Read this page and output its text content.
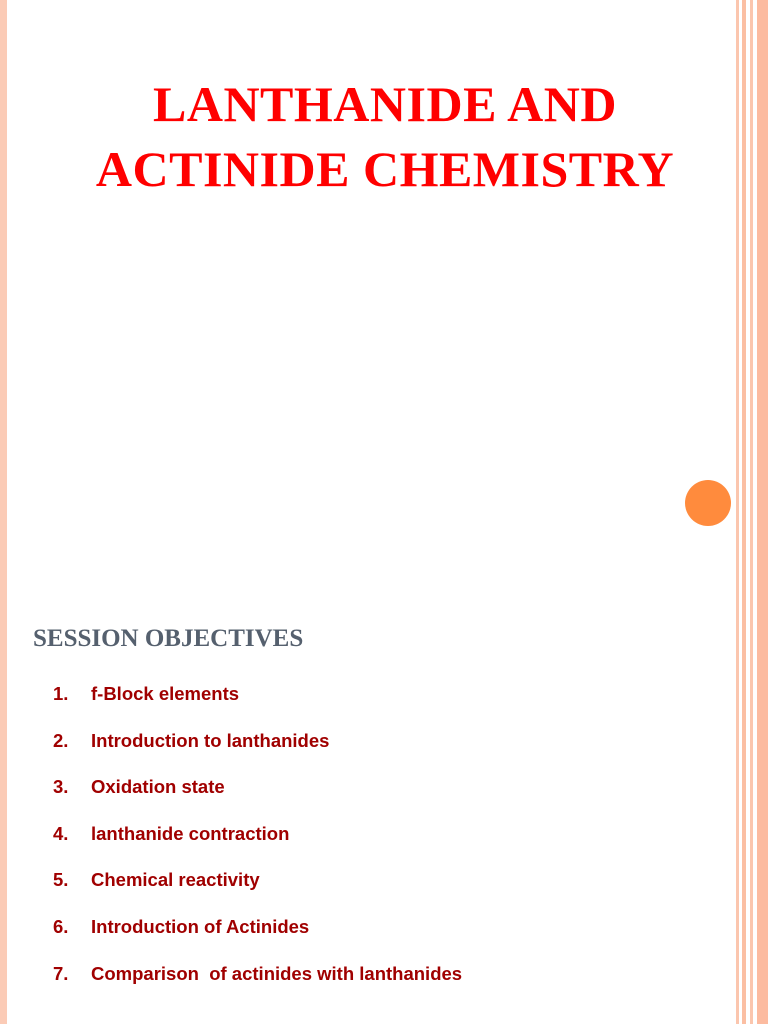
LANTHANIDE AND
ACTINIDE CHEMISTRY
SESSION OBJECTIVES
1.	f-Block elements
2.	Introduction to lanthanides
3.	Oxidation state
4.	lanthanide contraction
5.	Chemical reactivity
6.	Introduction of Actinides
7.	Comparison  of actinides with lanthanides
